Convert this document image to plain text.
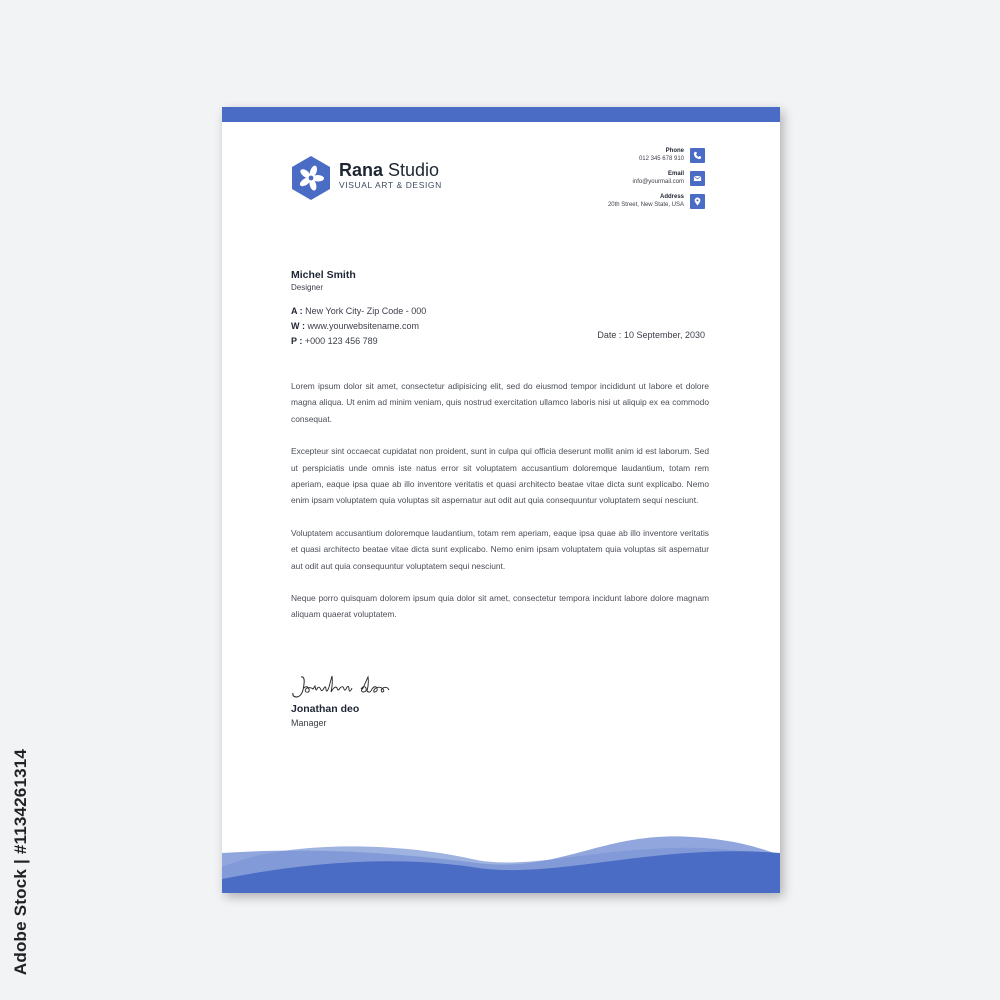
Adobe Stock | #1134261314
Rana Studio
VISUAL ART & DESIGN
Phone
012 345 678 910
Email
info@yourmail.com
Address
20th Street, New State, USA
Michel Smith
Designer
A : New York City- Zip Code - 000
W : www.yourwebsitename.com
P : +000 123 456 789
Date : 10 September, 2030

Lorem ipsum dolor sit amet, consectetur adipisicing elit, sed do eiusmod tempor incididunt ut labore et dolore magna aliqua. Ut enim ad minim veniam, quis nostrud exercitation ullamco laboris nisi ut aliquip ex ea commodo consequat.

Excepteur sint occaecat cupidatat non proident, sunt in culpa qui officia deserunt mollit anim id est laborum. Sed ut perspiciatis unde omnis iste natus error sit voluptatem accusantium doloremque laudantium, totam rem aperiam, eaque ipsa quae ab illo inventore veritatis et quasi architecto beatae vitae dicta sunt explicabo. Nemo enim ipsam voluptatem quia voluptas sit aspernatur aut odit aut quia consequuntur voluptatem sequi nesciunt.

Voluptatem accusantium doloremque laudantium, totam rem aperiam, eaque ipsa quae ab illo inventore veritatis et quasi architecto beatae vitae dicta sunt explicabo. Nemo enim ipsam voluptatem quia voluptas sit aspernatur aut odit aut quia consequuntur voluptatem sequi nesciunt.

Neque porro quisquam dolorem ipsum quia dolor sit amet, consectetur tempora incidunt labore dolore magnam aliquam quaerat voluptatem.

Jonathan deo
Manager
